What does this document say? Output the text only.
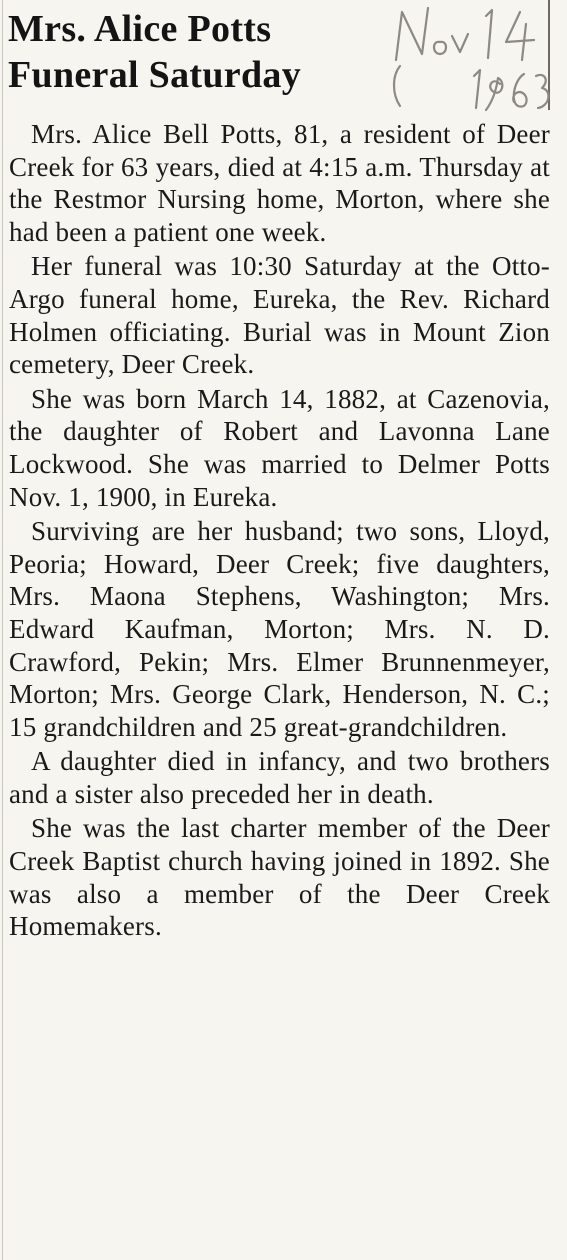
Mrs. Alice Potts
Funeral Saturday

Mrs. Alice Bell Potts, 81, a resident of Deer Creek for 63 years, died at 4:15 a.m. Thursday at the Restmor Nursing home, Morton, where she had been a patient one week.

Her funeral was 10:30 Saturday at the Otto-Argo funeral home, Eureka, the Rev. Richard Holmen officiating. Burial was in Mount Zion cemetery, Deer Creek.

She was born March 14, 1882, at Cazenovia, the daughter of Robert and Lavonna Lane Lockwood. She was married to Delmer Potts Nov. 1, 1900, in Eureka.

Surviving are her husband; two sons, Lloyd, Peoria; Howard, Deer Creek; five daughters, Mrs. Maona Stephens, Washington; Mrs. Edward Kaufman, Morton; Mrs. N. D. Crawford, Pekin; Mrs. Elmer Brunnenmeyer, Morton; Mrs. George Clark, Henderson, N. C.; 15 grandchildren and 25 great-grandchildren.

A daughter died in infancy, and two brothers and a sister also preceded her in death.

She was the last charter member of the Deer Creek Baptist church having joined in 1892. She was also a member of the Deer Creek Homemakers.
